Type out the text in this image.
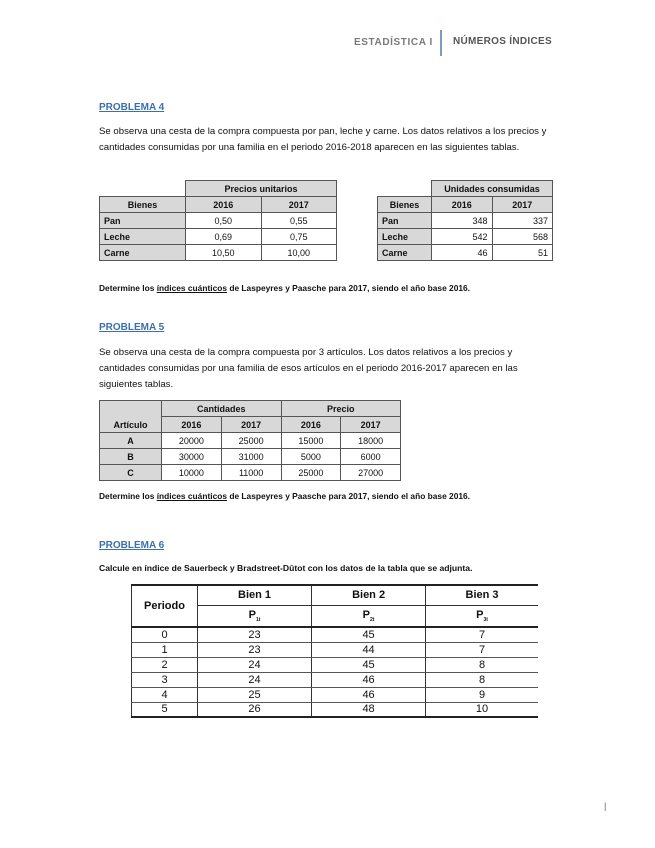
ESTADÍSTICA I NÚMEROS ÍNDICES
PROBLEMA 4
Se observa una cesta de la compra compuesta por pan, leche y carne. Los datos relativos a los precios y cantidades consumidas por una familia en el periodo 2016-2018 aparecen en las siguientes tablas.
	Precios unitarios	
Bienes	2016	2017
Pan	0,50	0,55
Leche	0,69	0,75
Carne	10,50	10,00
	Unidades consumidas	
Bienes	2016	2017
Pan	348	337
Leche	542	568
Carne	46	51
Determine los índices cuánticos de Laspeyres y Paasche para 2017, siendo el año base 2016.
PROBLEMA 5
Se observa una cesta de la compra compuesta por 3 artículos. Los datos relativos a los precios y cantidades consumidas por una familia de esos artículos en el periodo 2016-2017 aparecen en las siguientes tablas.
Artículo	Cantidades		Precio	
	2016	2017	2016	2017
A	20000	25000	15000	18000
B	30000	31000	5000	6000
C	10000	11000	25000	27000
Determine los índices cuánticos de Laspeyres y Paasche para 2017, siendo el año base 2016.
PROBLEMA 6
Calcule en índice de Sauerbeck y Bradstreet-Dûtot con los datos de la tabla que se adjunta.
Periodo	Bien 1	Bien 2	Bien 3
	$P_{1t}$	$P_{2t}$	$P_{3t}$
0	23	45	7
1	23	44	7
2	24	45	8
3	24	46	8
4	25	46	9
5	26	48	10
I
